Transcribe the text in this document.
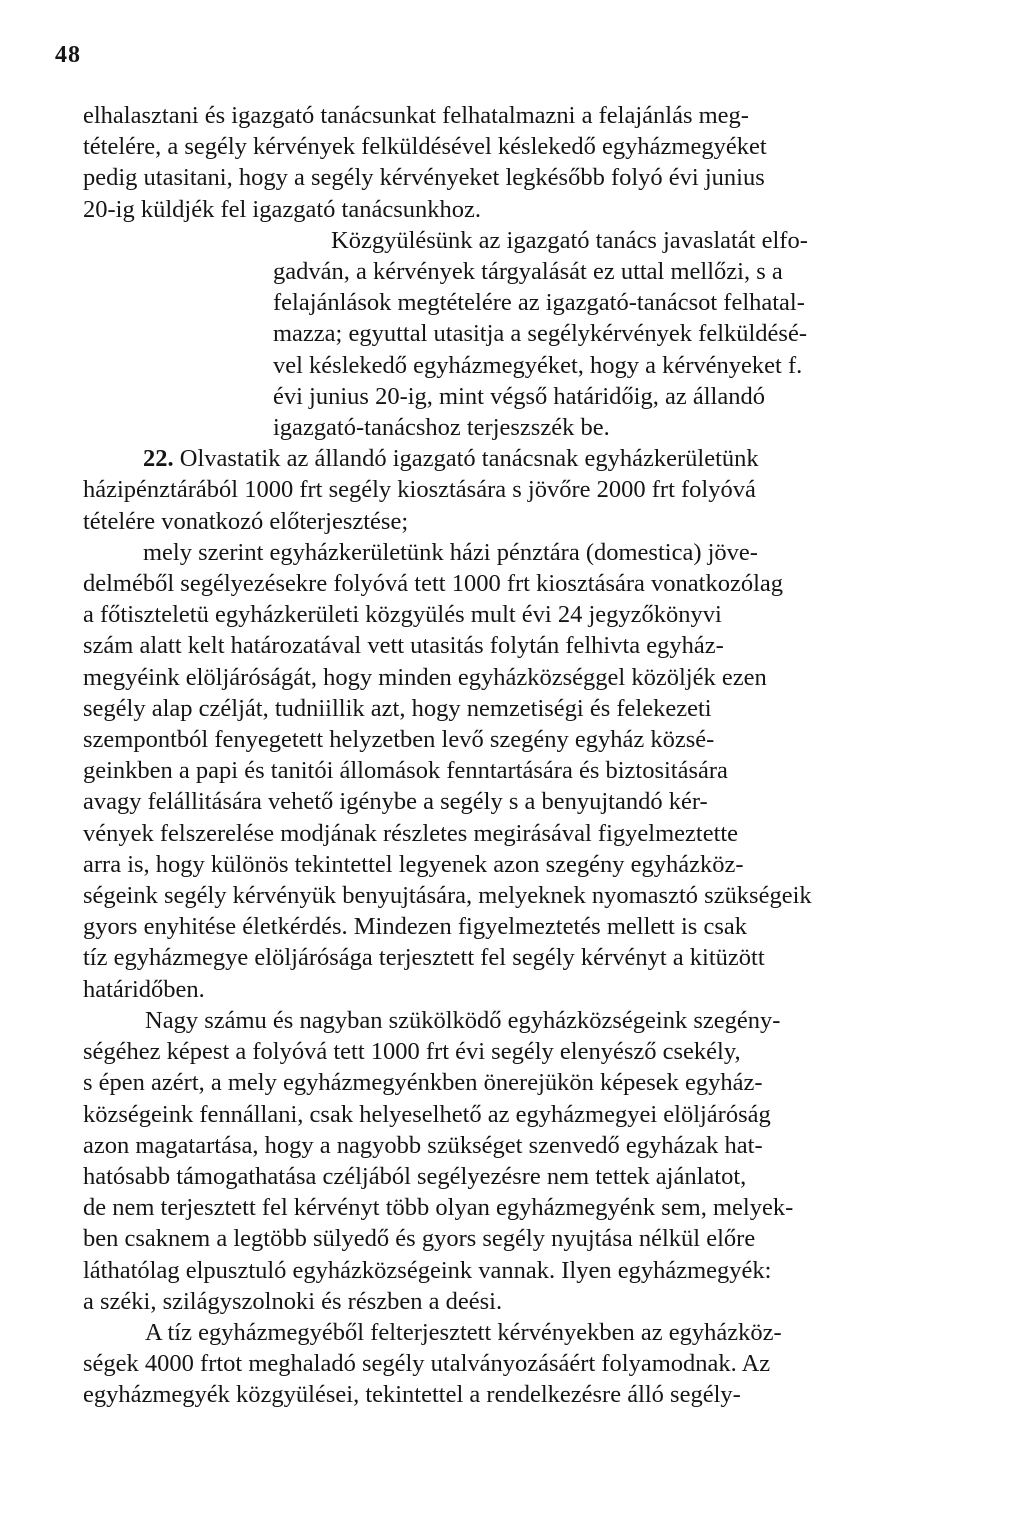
48

elhalasztani és igazgató tanácsunkat felhatalmazni a felajánlás meg-
tételére, a segély kérvények felküldésével késlekedő egyházmegyéket
pedig utasitani, hogy a segély kérvényeket legkésőbb folyó évi junius
20-ig küldjék fel igazgató tanácsunkhoz.

Közgyülésünk az igazgató tanács javaslatát elfo-
gadván, a kérvények tárgyalását ez uttal mellőzi, s a
felajánlások megtételére az igazgató-tanácsot felhatal-
mazza; egyuttal utasitja a segélykérvények felküldésé-
vel késlekedő egyházmegyéket, hogy a kérvényeket f.
évi junius 20-ig, mint végső határidőig, az állandó
igazgató-tanácshoz terjeszszék be.

22. Olvastatik az állandó igazgató tanácsnak egyházkerületünk
házipénztárából 1000 frt segély kiosztására s jövőre 2000 frt folyóvá
tételére vonatkozó előterjesztése;

mely szerint egyházkerületünk házi pénztára (domestica) jöve-
delméből segélyezésekre folyóvá tett 1000 frt kiosztására vonatkozólag
a főtiszteletü egyházkerületi közgyülés mult évi 24 jegyzőkönyvi
szám alatt kelt határozatával vett utasitás folytán felhivta egyház-
megyéink elöljáróságát, hogy minden egyházközséggel közöljék ezen
segély alap czélját, tudniillik azt, hogy nemzetiségi és felekezeti
szempontból fenyegetett helyzetben levő szegény egyház közsé-
geinkben a papi és tanitói állomások fenntartására és biztositására
avagy felállitására vehető igénybe a segély s a benyujtandó kér-
vények felszerelése modjának részletes megirásával figyelmeztette
arra is, hogy különös tekintettel legyenek azon szegény egyházköz-
ségeink segély kérvényük benyujtására, melyeknek nyomasztó szükségeik
gyors enyhitése életkérdés. Mindezen figyelmeztetés mellett is csak
tíz egyházmegye elöljárósága terjesztett fel segély kérvényt a kitüzött
határidőben.

Nagy számu és nagyban szükölködő egyházközségeink szegény-
ségéhez képest a folyóvá tett 1000 frt évi segély elenyésző csekély,
s épen azért, a mely egyházmegyénkben önerejükön képesek egyház-
községeink fennállani, csak helyeselhető az egyházmegyei elöljáróság
azon magatartása, hogy a nagyobb szükséget szenvedő egyházak hat-
hatósabb támogathatása czéljából segélyezésre nem tettek ajánlatot,
de nem terjesztett fel kérvényt több olyan egyházmegyénk sem, melyek-
ben csaknem a legtöbb sülyedő és gyors segély nyujtása nélkül előre
láthatólag elpusztuló egyházközségeink vannak. Ilyen egyházmegyék:
a széki, szilágyszolnoki és részben a deési.

A tíz egyházmegyéből felterjesztett kérvényekben az egyházköz-
ségek 4000 frtot meghaladó segély utalványozásáért folyamodnak. Az
egyházmegyék közgyülései, tekintettel a rendelkezésre álló segély-
